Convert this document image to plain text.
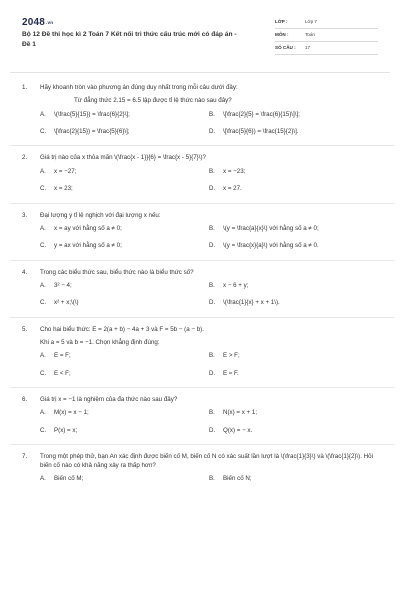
2048.vn
Bộ 12 Đề thi học kì 2 Toán 7 Kết nối tri thức cấu trúc mới có đáp án - Đề 1
LỚP :	Lớp 7
MÔN :	Toán
SỐ CÂU : 17
1. Hãy khoanh tròn vào phương án đúng duy nhất trong mỗi câu dưới đây:
Từ đẳng thức 2.15 = 6.5 lập được tỉ lệ thức nào sau đây?
A. \(\frac{5}{15}) = \frac{6}{2}\];	B. \[\frac{2}{5} = \frac{6}{15}\]\];
C. \[\frac{2}{15}) = \frac{5}{6}\];	D. \[\frac{5}{6}) = \frac{15}{2}\].
2. Giá trị nào của x thỏa mãn \(\frac{x - 1}}{6} = \frac{x - 5}{7}\)?
A. x = −27;	B. x = −23;
C. x = 23;	D. x = 27.
3. Đại lượng y tỉ lệ nghịch với đại lượng x nếu:
A. x = ay với hằng số a ≠ 0;	B. \(y = \frac{a}{x}\) với hằng số a ≠ 0;
C. y = ax với hằng số a ≠ 0;	D. \(y = \frac{x}{a}\) với hằng số a ≠ 0.
4. Trong các biểu thức sau, biểu thức nào là biểu thức số?
A. 3² − 4;	B. x − 6 + y;
C. x² + x;\(\)	D. \(\frac{1}{x} + x + 1\).
5. Cho hai biểu thức: E = 2(a + b) − 4a + 3 và F = 5b − (a − b).
Khi a = 5 và b = −1. Chọn khẳng định đúng:
A. E = F;	B. E > F;
C. E < F;	D. E ≈ F.
6. Giá trị x = −1 là nghiệm của đa thức nào sau đây?
A. M(x) = x − 1;	B. N(x) = x + 1;
C. P(x) = x;	D. Q(x) = − x.
7. Trong một phép thử, bạn An xác định được biến cố M, biến cố N có xác suất lần lượt là \(\frac{1}{3}\) và \(\frac{1}{2}\). Hỏi biến cố nào có khả năng xảy ra thấp hơn?
A. Biến cố M;	B. Biến cố N;
